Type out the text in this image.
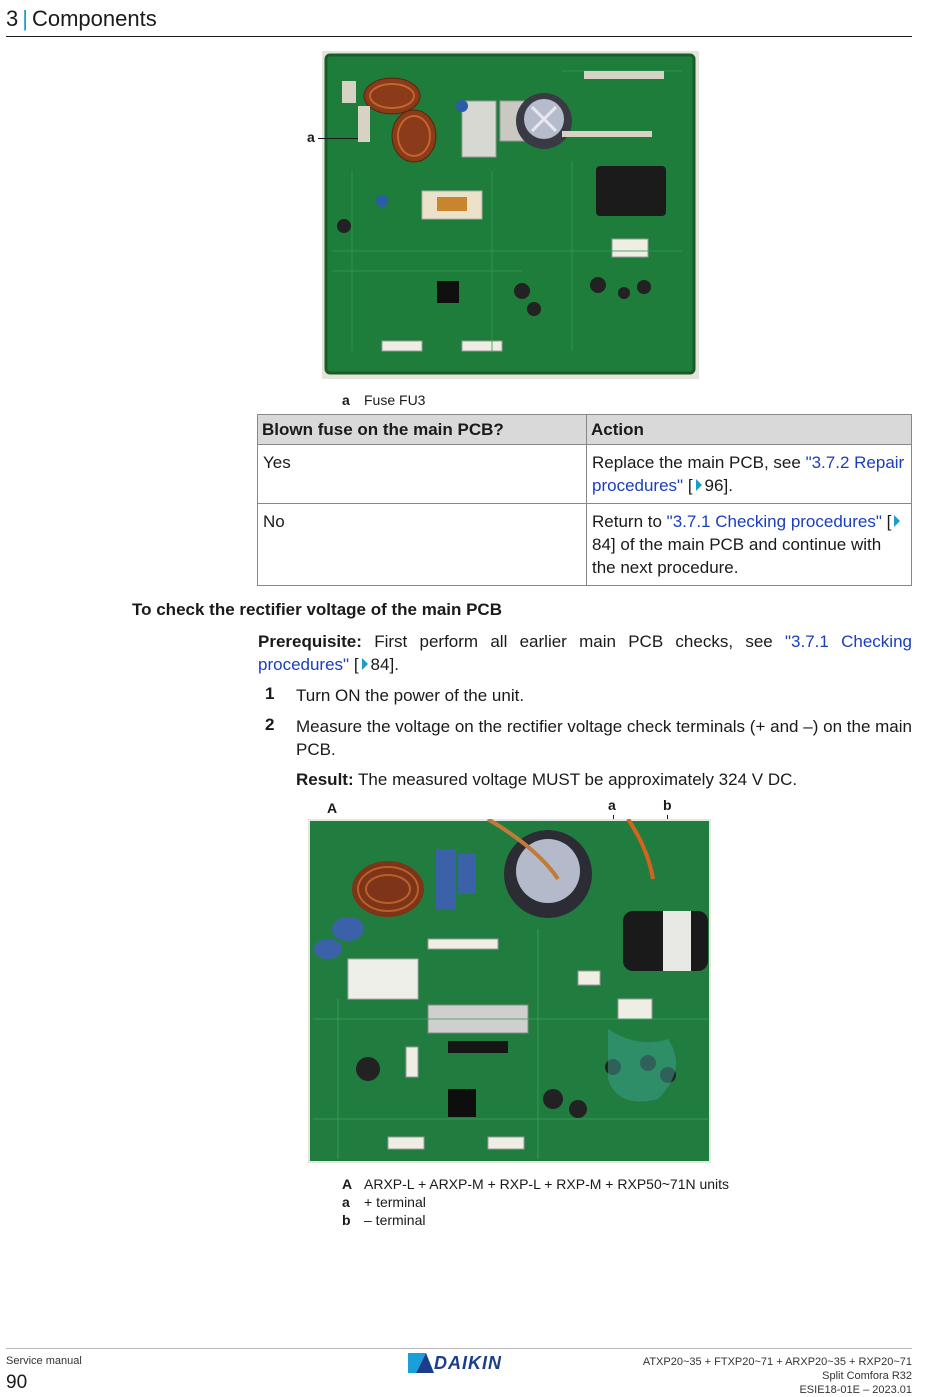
3 | Components
a
a Fuse FU3
Blown fuse on the main PCB?	Action
Yes	Replace the main PCB, see "3.7.2 Repair procedures" [ 96].
No	Return to "3.7.1 Checking procedures" [84] of the main PCB and continue with the next procedure.
To check the rectifier voltage of the main PCB
Prerequisite: First perform all earlier main PCB checks, see "3.7.1 Checking procedures" [ 84].
1 Turn ON the power of the unit.
2 Measure the voltage on the rectifier voltage check terminals (+ and –) on the main PCB.
Result: The measured voltage MUST be approximately 324 V DC.
A	a	b
A ARXP-L + ARXP-M + RXP-L + RXP-M + RXP50~71N units
a + terminal
b – terminal
Service manual
90
DAIKIN	ATXP20~35 + FTXP20~71 + ARXP20~35 + RXP20~71
Split Comfora R32
ESIE18-01E – 2023.01
